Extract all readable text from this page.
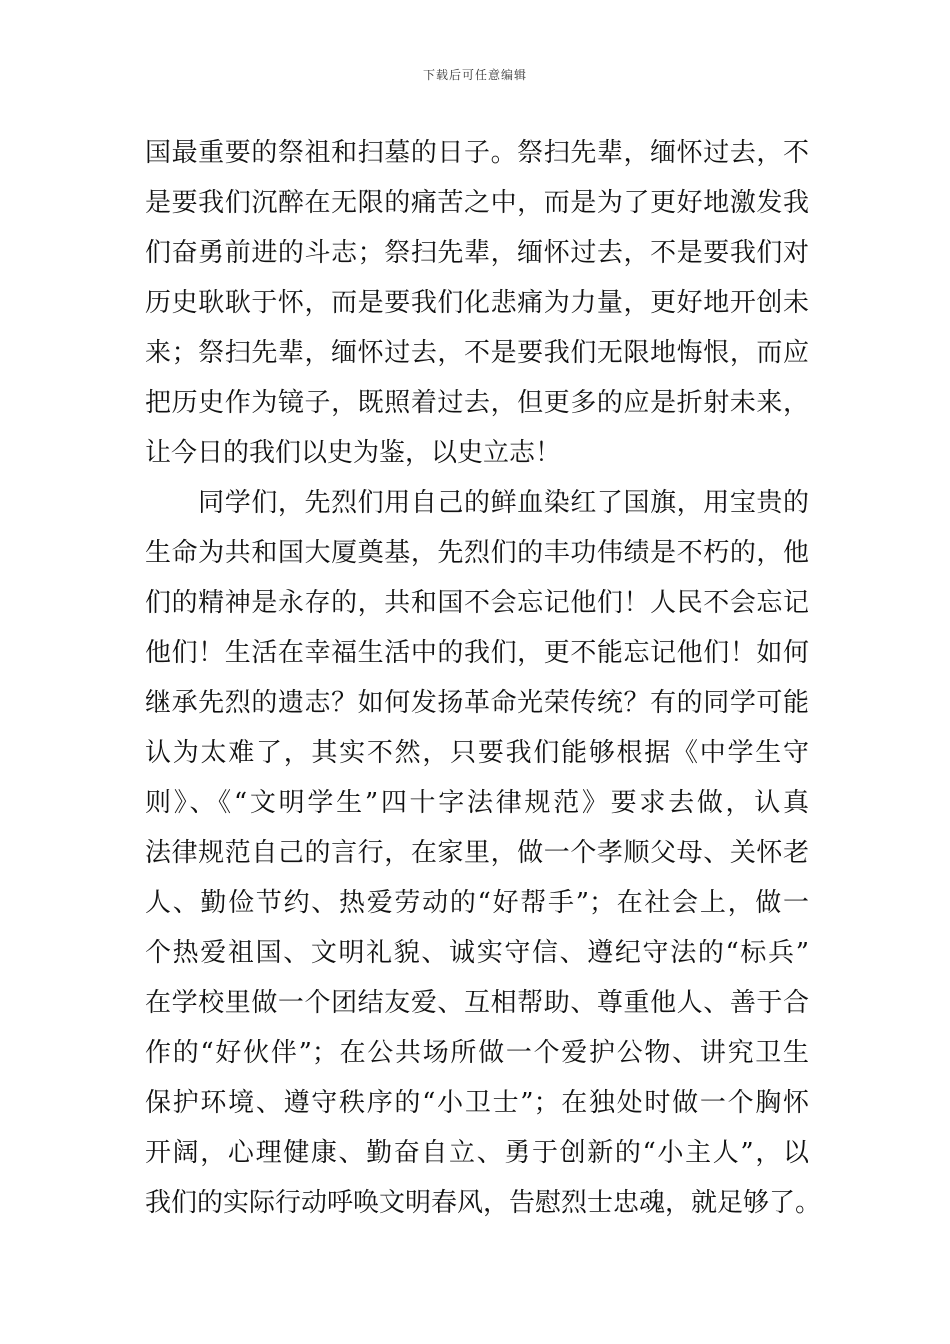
下载后可任意编辑
国最重要的祭祖和扫墓的日子。祭扫先辈，缅怀过去，不
是要我们沉醉在无限的痛苦之中，而是为了更好地激发我
们奋勇前进的斗志；祭扫先辈，缅怀过去，不是要我们对
历史耿耿于怀，而是要我们化悲痛为力量，更好地开创未
来；祭扫先辈，缅怀过去，不是要我们无限地悔恨，而应
把历史作为镜子，既照着过去，但更多的应是折射未来，
让今日的我们以史为鉴，以史立志！
　　同学们，先烈们用自己的鲜血染红了国旗，用宝贵的
生命为共和国大厦奠基，先烈们的丰功伟绩是不朽的，他
们的精神是永存的，共和国不会忘记他们！人民不会忘记
他们！生活在幸福生活中的我们，更不能忘记他们！如何
继承先烈的遗志？如何发扬革命光荣传统？有的同学可能
认为太难了，其实不然，只要我们能够根据《中学生守
则》、《“文明学生”四十字法律规范》要求去做，认真
法律规范自己的言行，在家里，做一个孝顺父母、关怀老
人、勤俭节约、热爱劳动的“好帮手”；在社会上，做一
个热爱祖国、文明礼貌、诚实守信、遵纪守法的“标兵”
在学校里做一个团结友爱、互相帮助、尊重他人、善于合
作的“好伙伴”；在公共场所做一个爱护公物、讲究卫生
保护环境、遵守秩序的“小卫士”；在独处时做一个胸怀
开阔，心理健康、勤奋自立、勇于创新的“小主人”，以
我们的实际行动呼唤文明春风，告慰烈士忠魂，就足够了。
